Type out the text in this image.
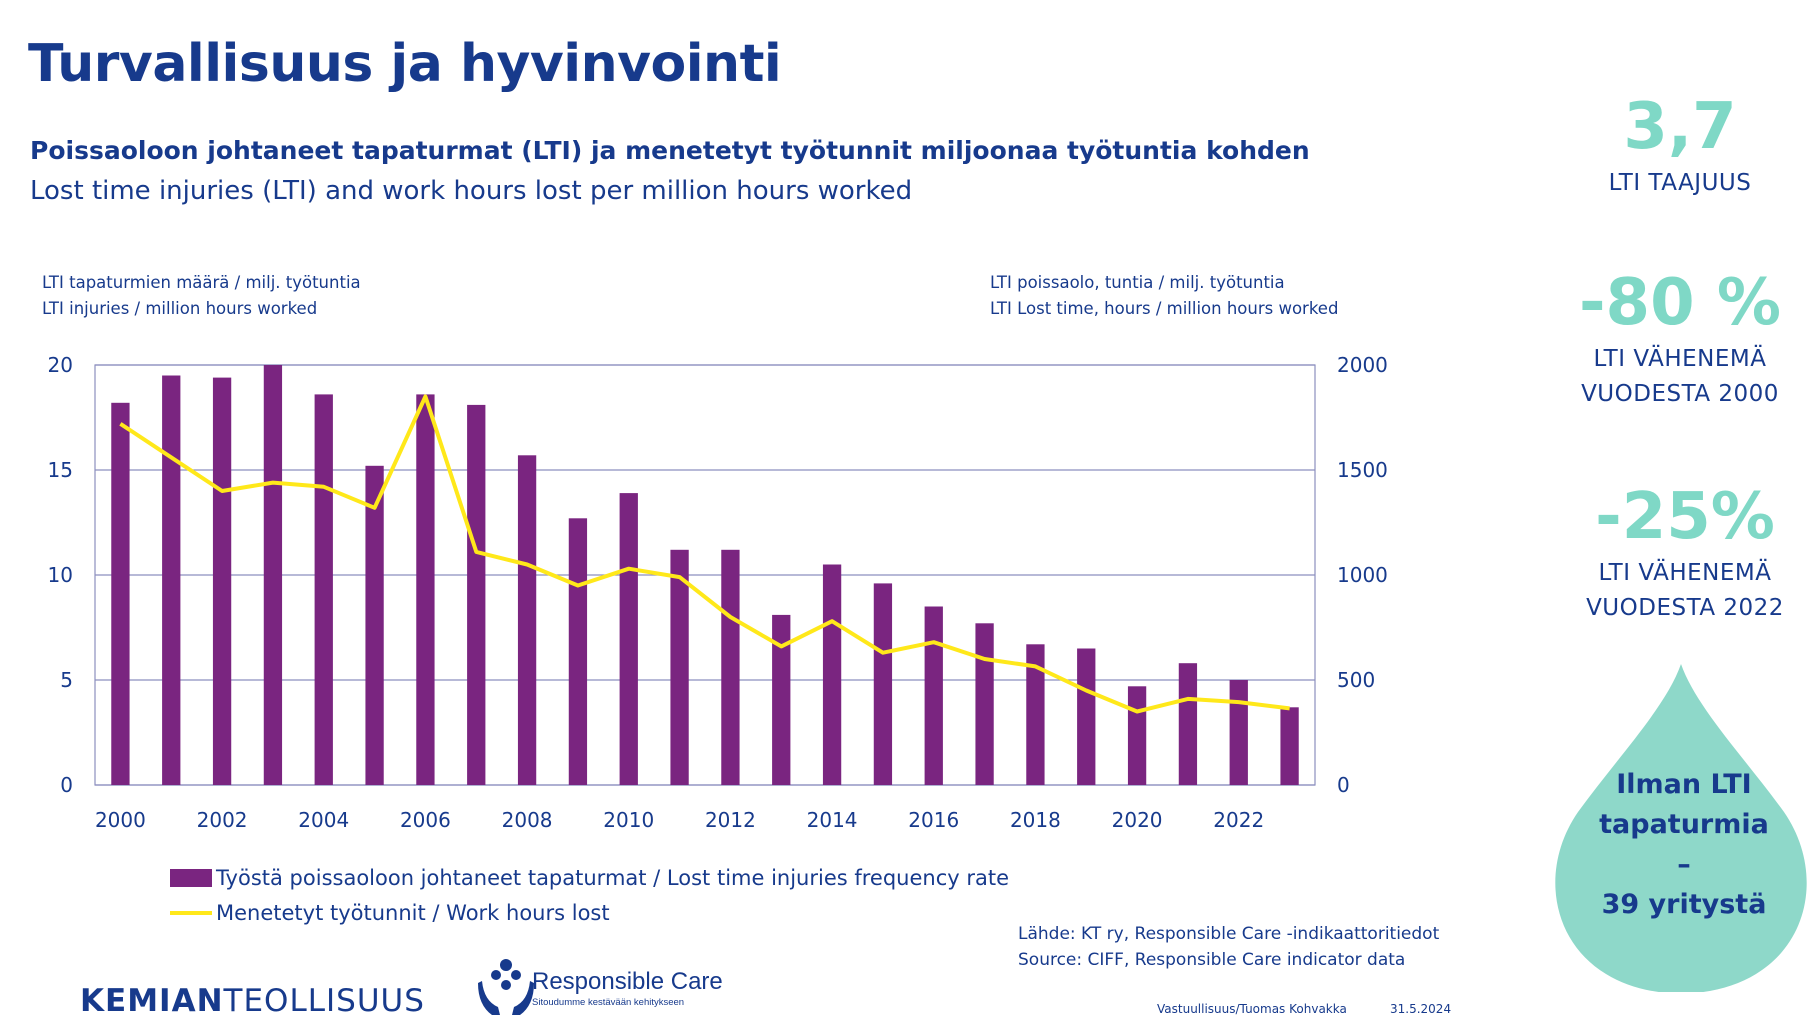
Turvallisuus ja hyvinvointi
Poissaoloon johtaneet tapaturmat (LTI) ja menetetyt työtunnit miljoonaa työtuntia kohden
Lost time injuries (LTI) and work hours lost per million hours worked
LTI tapaturmien määrä / milj. työtuntia
LTI injuries / million hours worked
LTI poissaolo, tuntia / milj. työtuntia
LTI Lost time, hours / million hours worked
0
5
10
15
20
0
500
1000
1500
2000
2000	2002	2004	2006	2008	2010	2012	2014	2016	2018	2020	2022
Työstä poissaoloon johtaneet tapaturmat / Lost time injuries frequency rate
Menetetyt työtunnit / Work hours lost
Lähde: KT ry, Responsible Care -indikaattoritiedot
Source: CIFF, Responsible Care indicator data
KEMIANTEOLLISUUS
Responsible Care
Sitoudumme kestävään kehitykseen	Vastuullisuus/Tuomas Kohvakka	31.5.2024
3,7
LTI TAAJUUS
-80 %
LTI VÄHENEMÄ
VUODESTA 2000
-25%
LTI VÄHENEMÄ
VUODESTA 2022
Ilman LTI
tapaturmia
–
39 yritystä
